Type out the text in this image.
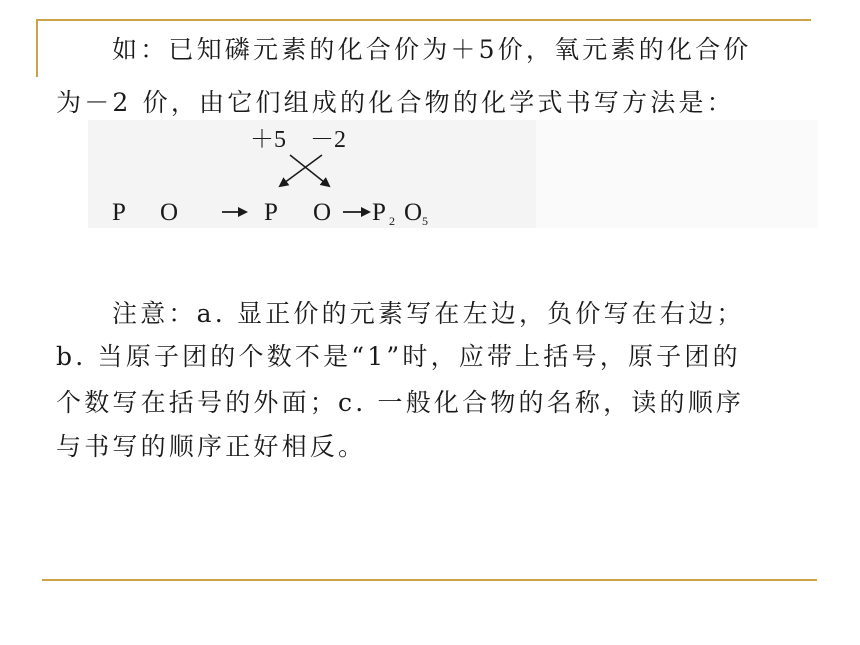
如：已知磷元素的化合价为＋5价，氧元素的化合价
为－2 价，由它们组成的化合物的化学式书写方法是：
＋5 －2
P O	P O P 2 O 5
注意：a. 显正价的元素写在左边，负价写在右边；
b. 当原子团的个数不是“1”时，应带上括号，原子团的
个数写在括号的外面；c. 一般化合物的名称，读的顺序
与书写的顺序正好相反。
